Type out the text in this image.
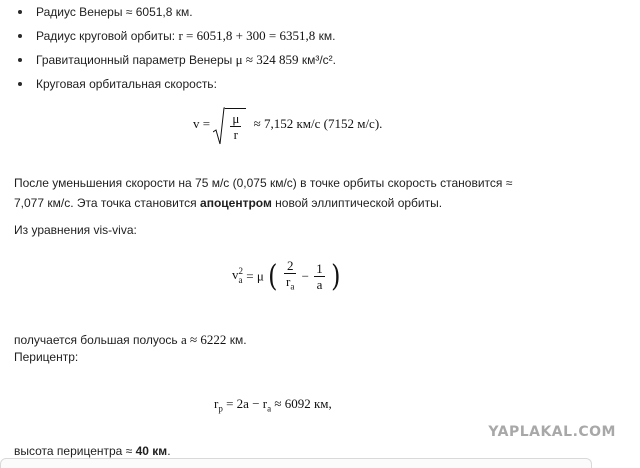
Радиус Венеры ≈ 6051,8 км.
Радиус круговой орбиты: r = 6051,8 + 300 = 6351,8 км.
Гравитационный параметр Венеры μ ≈ 324 859 км³/с².
Круговая орбитальная скорость:
$v = \frac{\mu}{r} \approx 7,152$ км/с (7152 м/с).
После уменьшения скорости на 75 м/с (0,075 км/с) в точке орбиты скорость становится ≈
7,077 км/с. Эта точка становится апоцентром новой эллиптической орбиты.
Из уравнения vis-viva:
v 2
a = μ ( $\frac{2}{r_a} - \frac{1}{a}$ )
получается большая полуось a ≈ 6222 км.
Перицентр:
$r_p = 2a - r_a \approx 6092$ км,
высота перицентра ≈ 40 км.
YAPLAKAL.COM
